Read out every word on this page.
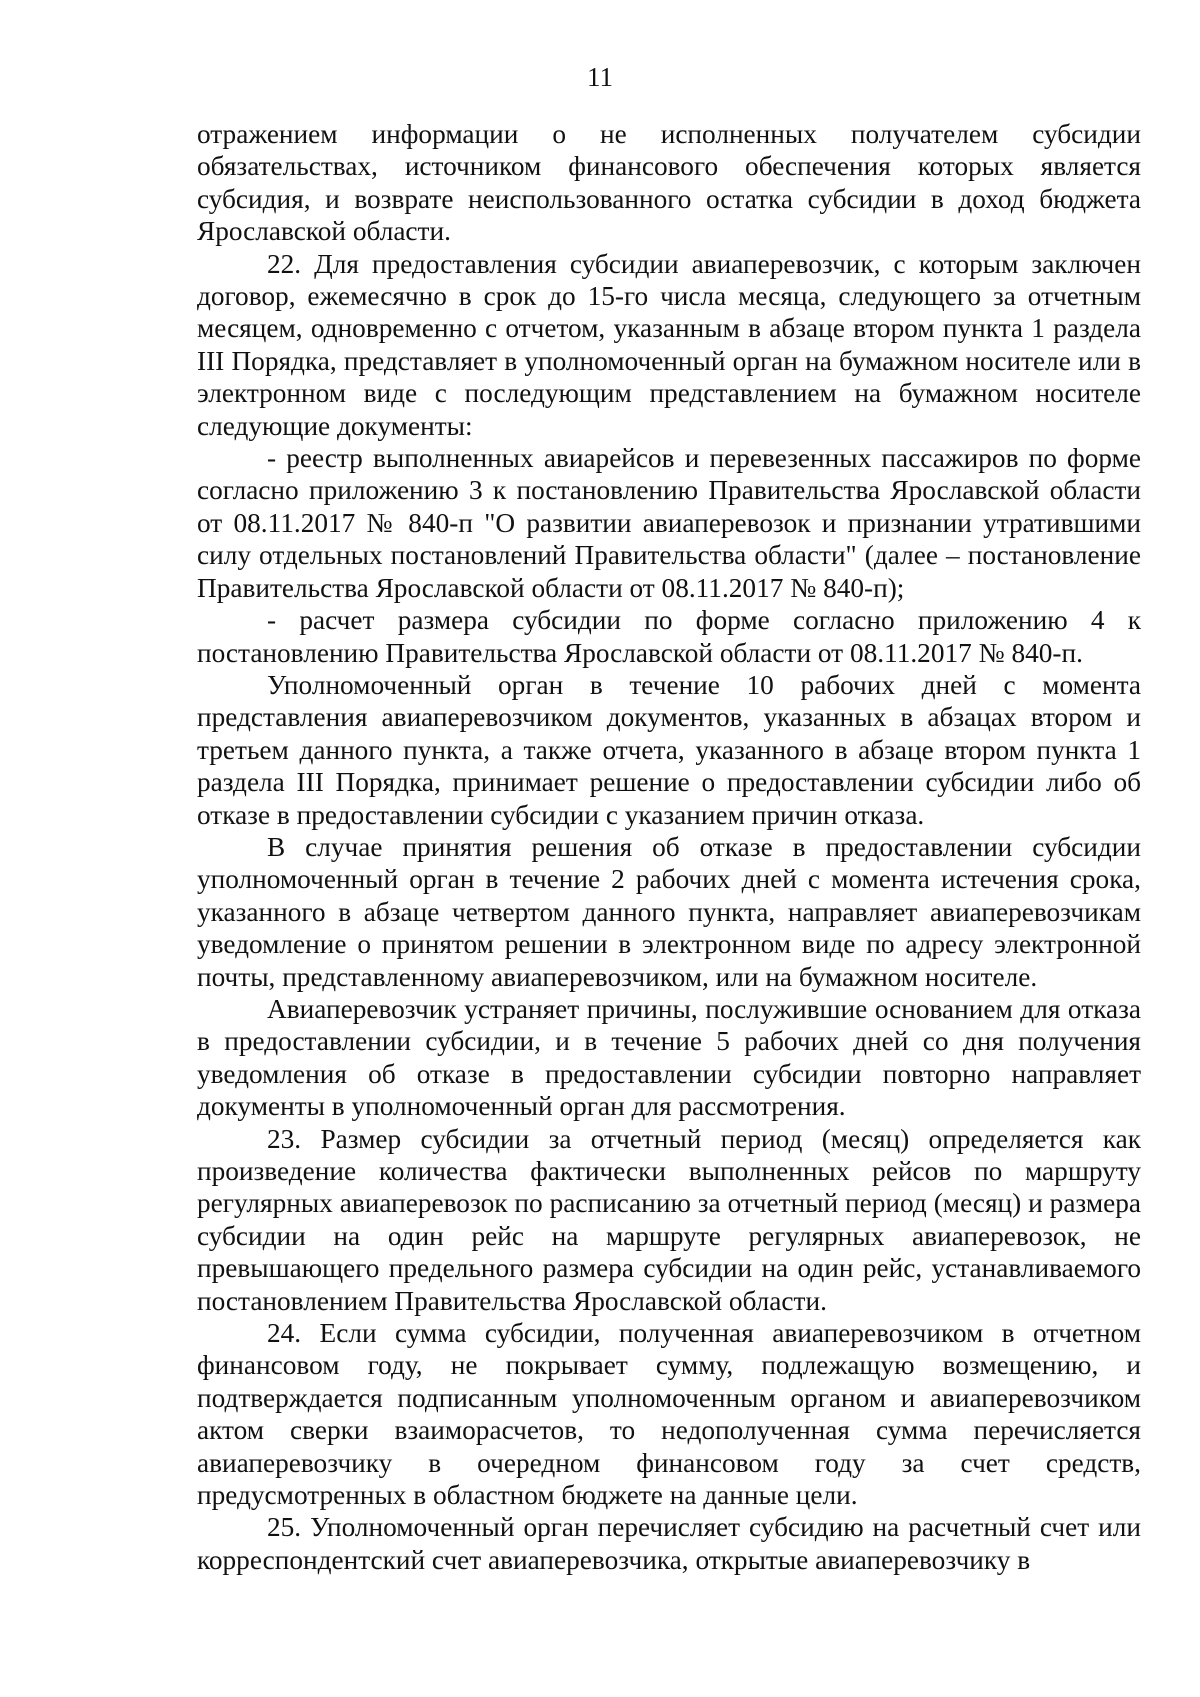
11

отражением информации о не исполненных получателем субсидии обязательствах, источником финансового обеспечения которых является субсидия, и возврате неиспользованного остатка субсидии в доход бюджета Ярославской области.

22. Для предоставления субсидии авиаперевозчик, с которым заключен договор, ежемесячно в срок до 15-го числа месяца, следующего за отчетным месяцем, одновременно с отчетом, указанным в абзаце втором пункта 1 раздела III Порядка, представляет в уполномоченный орган на бумажном носителе или в электронном виде с последующим представлением на бумажном носителе следующие документы:

- реестр выполненных авиарейсов и перевезенных пассажиров по форме согласно приложению 3 к постановлению Правительства Ярославской области от 08.11.2017 № 840-п "О развитии авиаперевозок и признании утратившими силу отдельных постановлений Правительства области" (далее – постановление Правительства Ярославской области от 08.11.2017 № 840-п);

- расчет размера субсидии по форме согласно приложению 4 к постановлению Правительства Ярославской области от 08.11.2017 № 840-п.

Уполномоченный орган в течение 10 рабочих дней с момента представления авиаперевозчиком документов, указанных в абзацах втором и третьем данного пункта, а также отчета, указанного в абзаце втором пункта 1 раздела III Порядка, принимает решение о предоставлении субсидии либо об отказе в предоставлении субсидии с указанием причин отказа.

В случае принятия решения об отказе в предоставлении субсидии уполномоченный орган в течение 2 рабочих дней с момента истечения срока, указанного в абзаце четвертом данного пункта, направляет авиаперевозчикам уведомление о принятом решении в электронном виде по адресу электронной почты, представленному авиаперевозчиком, или на бумажном носителе.

Авиаперевозчик устраняет причины, послужившие основанием для отказа в предоставлении субсидии, и в течение 5 рабочих дней со дня получения уведомления об отказе в предоставлении субсидии повторно направляет документы в уполномоченный орган для рассмотрения.

23. Размер субсидии за отчетный период (месяц) определяется как произведение количества фактически выполненных рейсов по маршруту регулярных авиаперевозок по расписанию за отчетный период (месяц) и размера субсидии на один рейс на маршруте регулярных авиаперевозок, не превышающего предельного размера субсидии на один рейс, устанавливаемого постановлением Правительства Ярославской области.

24. Если сумма субсидии, полученная авиаперевозчиком в отчетном финансовом году, не покрывает сумму, подлежащую возмещению, и подтверждается подписанным уполномоченным органом и авиаперевозчиком актом сверки взаиморасчетов, то недополученная сумма перечисляется авиаперевозчику в очередном финансовом году за счет средств, предусмотренных в областном бюджете на данные цели.

25. Уполномоченный орган перечисляет субсидию на расчетный счет или корреспондентский счет авиаперевозчика, открытые авиаперевозчику в
